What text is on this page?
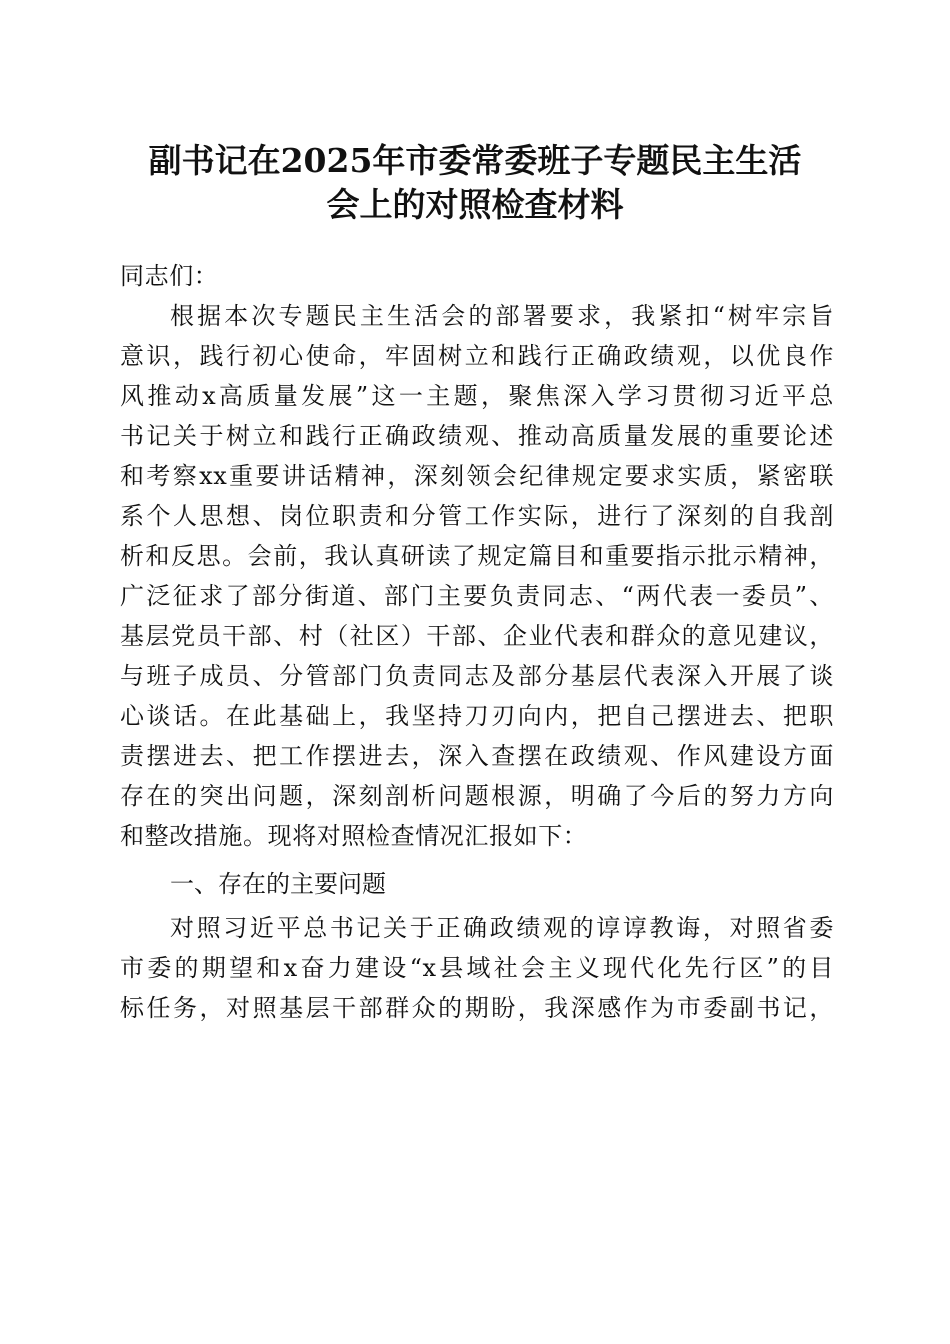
副书记在2025年市委常委班子专题民主生活
会上的对照检查材料
同志们：
根据本次专题民主生活会的部署要求，我紧扣“树牢宗旨
意识，践行初心使命，牢固树立和践行正确政绩观，以优良作
风推动x高质量发展”这一主题，聚焦深入学习贯彻习近平总
书记关于树立和践行正确政绩观、推动高质量发展的重要论述
和考察xx重要讲话精神，深刻领会纪律规定要求实质，紧密联
系个人思想、岗位职责和分管工作实际，进行了深刻的自我剖
析和反思。会前，我认真研读了规定篇目和重要指示批示精神，
广泛征求了部分街道、部门主要负责同志、“两代表一委员”、
基层党员干部、村（社区）干部、企业代表和群众的意见建议，
与班子成员、分管部门负责同志及部分基层代表深入开展了谈
心谈话。在此基础上，我坚持刀刃向内，把自己摆进去、把职
责摆进去、把工作摆进去，深入查摆在政绩观、作风建设方面
存在的突出问题，深刻剖析问题根源，明确了今后的努力方向
和整改措施。现将对照检查情况汇报如下：
一、存在的主要问题
对照习近平总书记关于正确政绩观的谆谆教诲，对照省委
市委的期望和x奋力建设“x县域社会主义现代化先行区”的目
标任务，对照基层干部群众的期盼，我深感作为市委副书记，
